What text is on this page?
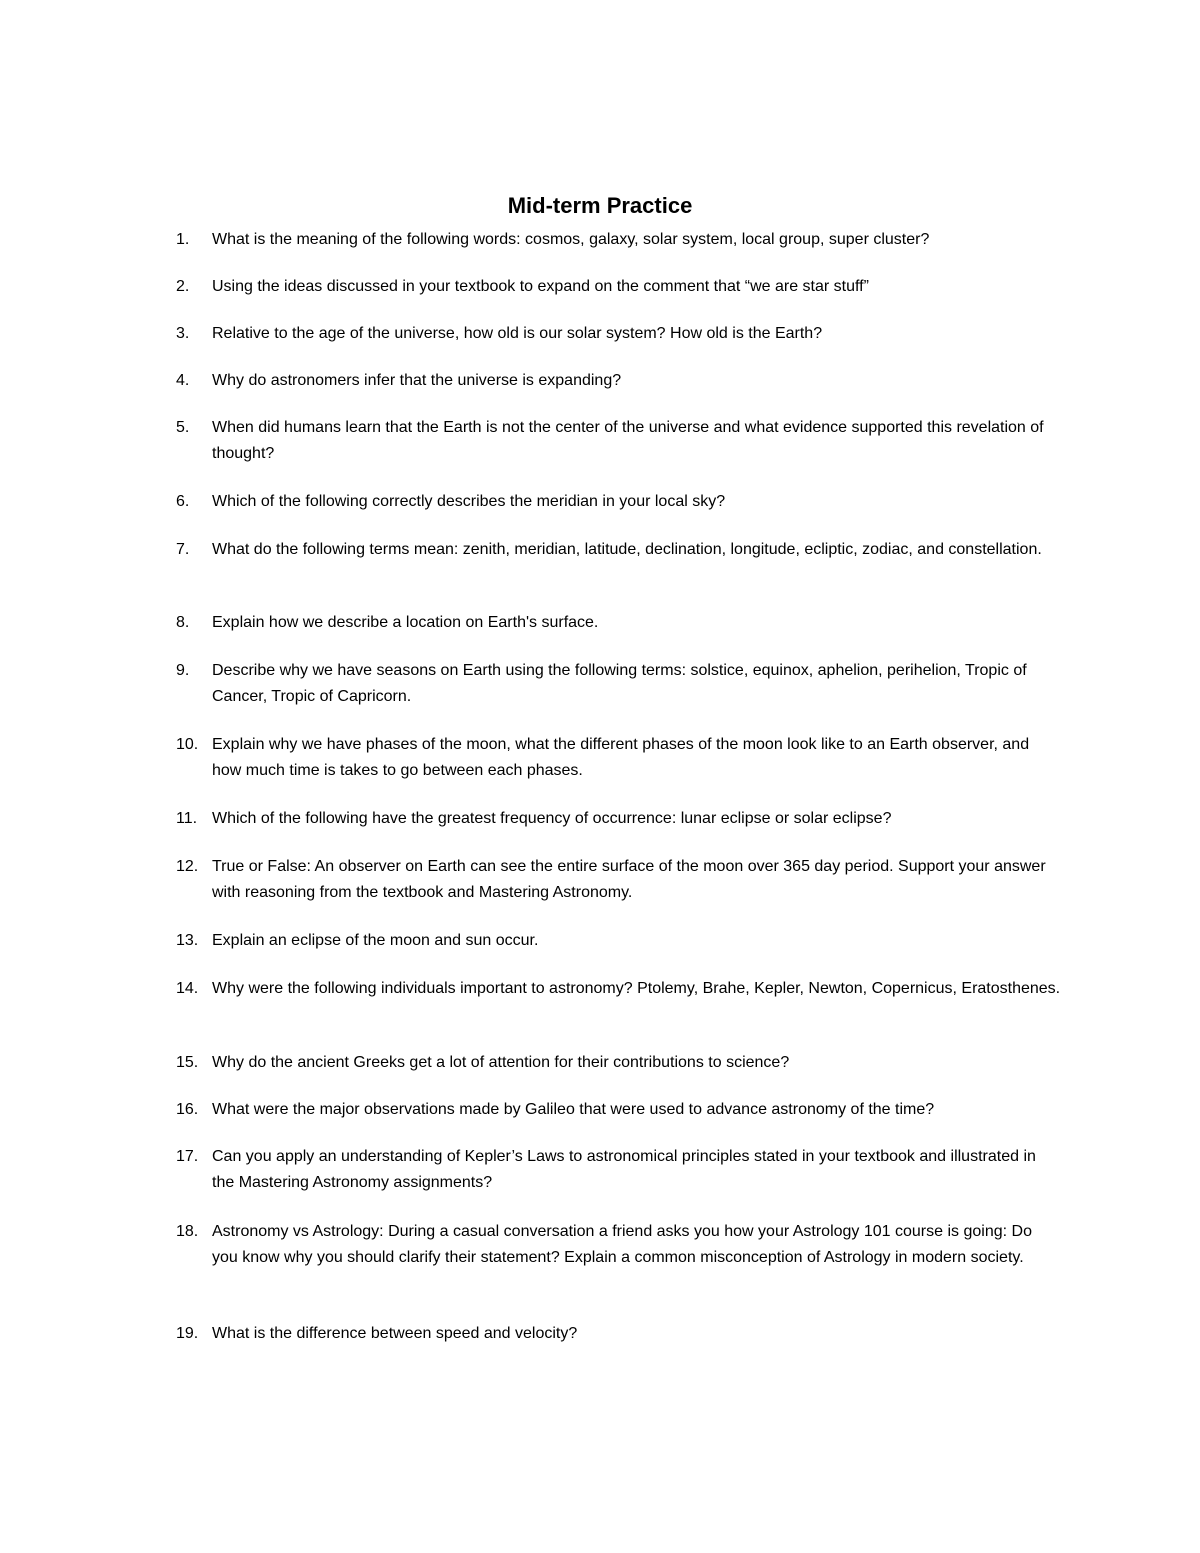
Mid-term Practice
1. What is the meaning of the following words: cosmos, galaxy, solar system, local group, super cluster?
2. Using the ideas discussed in your textbook to expand on the comment that “we are star stuff”
3. Relative to the age of the universe, how old is our solar system? How old is the Earth?
4. Why do astronomers infer that the universe is expanding?
5. When did humans learn that the Earth is not the center of the universe and what evidence supported this revelation of thought?
6. Which of the following correctly describes the meridian in your local sky?
7. What do the following terms mean: zenith, meridian, latitude, declination, longitude, ecliptic, zodiac, and constellation.
8. Explain how we describe a location on Earth's surface.
9. Describe why we have seasons on Earth using the following terms: solstice, equinox, aphelion, perihelion, Tropic of Cancer, Tropic of Capricorn.
10. Explain why we have phases of the moon, what the different phases of the moon look like to an Earth observer, and how much time is takes to go between each phases.
11. Which of the following have the greatest frequency of occurrence: lunar eclipse or solar eclipse?
12. True or False: An observer on Earth can see the entire surface of the moon over 365 day period. Support your answer with reasoning from the textbook and Mastering Astronomy.
13. Explain an eclipse of the moon and sun occur.
14. Why were the following individuals important to astronomy? Ptolemy, Brahe, Kepler, Newton, Copernicus, Eratosthenes.
15. Why do the ancient Greeks get a lot of attention for their contributions to science?
16. What were the major observations made by Galileo that were used to advance astronomy of the time?
17. Can you apply an understanding of Kepler’s Laws to astronomical principles stated in your textbook and illustrated in the Mastering Astronomy assignments?
18. Astronomy vs Astrology: During a casual conversation a friend asks you how your Astrology 101 course is going: Do you know why you should clarify their statement? Explain a common misconception of Astrology in modern society.
19. What is the difference between speed and velocity?
